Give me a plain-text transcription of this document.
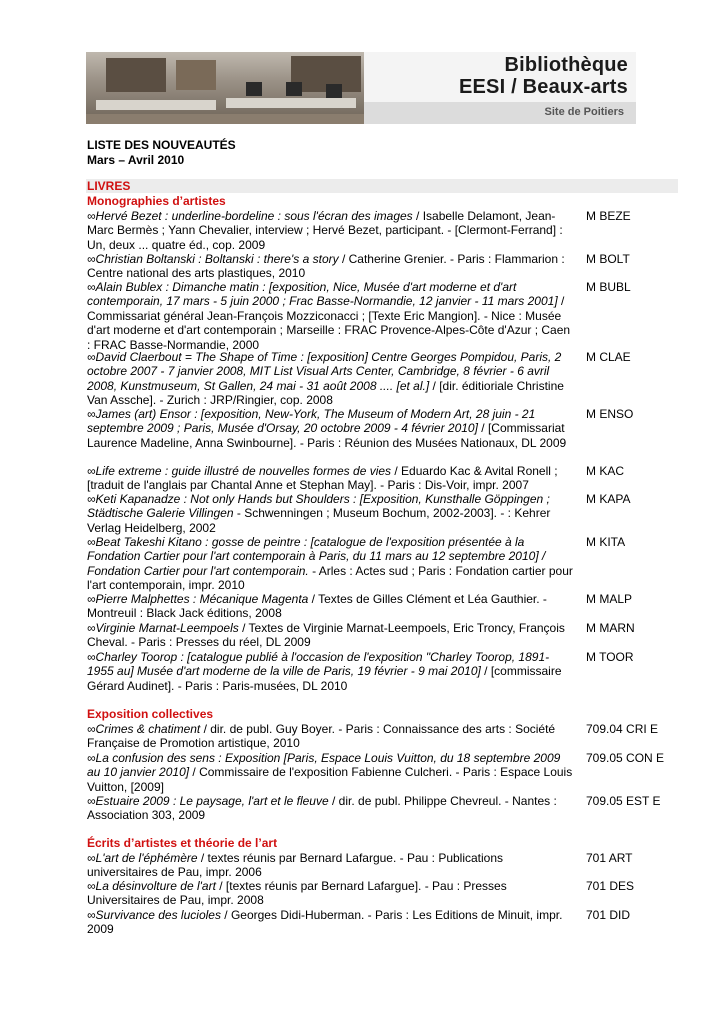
Bibliothèque
EESI / Beaux-arts
Site de Poitiers
LISTE DES NOUVEAUTÉS
Mars – Avril 2010
LIVRES
Monographies d’artistes
Exposition collectives
Écrits d’artistes et théorie de l’art
∞Hervé Bezet : underline-bordeline : sous l'écran des images / Isabelle Delamont, Jean-Marc Bermès ; Yann Chevalier, interview ; Hervé Bezet, participant. - [Clermont-Ferrand] : Un, deux ... quatre éd., cop. 2009
M BEZE
∞Christian Boltanski : Boltanski : there's a story / Catherine Grenier. - Paris : Flammarion : Centre national des arts plastiques, 2010
M BOLT
∞Alain Bublex : Dimanche matin : [exposition, Nice, Musée d'art moderne et d'art contemporain, 17 mars - 5 juin 2000 ; Frac Basse-Normandie, 12 janvier - 11 mars 2001] / Commissariat général Jean-François Mozziconacci ; [Texte Eric Mangion]. - Nice : Musée d'art moderne et d'art contemporain ; Marseille : FRAC Provence-Alpes-Côte d'Azur ; Caen : FRAC Basse-Normandie, 2000
M BUBL
∞David Claerbout = The Shape of Time : [exposition] Centre Georges Pompidou, Paris, 2 octobre 2007 - 7 janvier 2008, MIT List Visual Arts Center, Cambridge, 8 février - 6 avril 2008, Kunstmuseum, St Gallen, 24 mai - 31 août 2008 .... [et al.] / [dir. éditioriale Christine Van Assche]. - Zurich : JRP/Ringier, cop. 2008
M CLAE
∞James (art) Ensor : [exposition, New-York, The Museum of Modern Art, 28 juin - 21 septembre 2009 ; Paris, Musée d'Orsay, 20 octobre 2009 - 4 février 2010] / [Commissariat Laurence Madeline, Anna Swinbourne]. - Paris : Réunion des Musées Nationaux, DL 2009
M ENSO
∞Life extreme : guide illustré de nouvelles formes de vies / Eduardo Kac & Avital Ronell ; [traduit de l'anglais par Chantal Anne et Stephan May]. - Paris : Dis-Voir, impr. 2007
M KAC
∞Keti Kapanadze : Not only Hands but Shoulders : [Exposition, Kunsthalle Göppingen ; Städtische Galerie Villingen - Schwenningen ; Museum Bochum, 2002-2003]. - : Kehrer Verlag Heidelberg, 2002
M KAPA
∞Beat Takeshi Kitano : gosse de peintre : [catalogue de l'exposition présentée à la Fondation Cartier pour l'art contemporain à Paris, du 11 mars au 12 septembre 2010] / Fondation Cartier pour l'art contemporain. - Arles : Actes sud ; Paris : Fondation cartier pour l'art contemporain, impr. 2010
M KITA
∞Pierre Malphettes : Mécanique Magenta / Textes de Gilles Clément et Léa Gauthier. - Montreuil : Black Jack éditions, 2008
M MALP
∞Virginie Marnat-Leempoels / Textes de Virginie Marnat-Leempoels, Eric Troncy, François Cheval. - Paris : Presses du réel, DL 2009
M MARN
∞Charley Toorop : [catalogue publié à l'occasion de l'exposition "Charley Toorop, 1891-1955 au] Musée d'art moderne de la ville de Paris, 19 février - 9 mai 2010] / [commissaire Gérard Audinet]. - Paris : Paris-musées, DL 2010
M TOOR
∞Crimes & chatiment / dir. de publ. Guy Boyer. - Paris : Connaissance des arts : Société Française de Promotion artistique, 2010
709.04 CRI E
∞La confusion des sens : Exposition [Paris, Espace Louis Vuitton, du 18 septembre 2009 au 10 janvier 2010] / Commissaire de l'exposition Fabienne Culcheri. - Paris : Espace Louis Vuitton, [2009]
709.05 CON E
∞Estuaire 2009 : Le paysage, l'art et le fleuve / dir. de publ. Philippe Chevreul. - Nantes : Association 303, 2009
709.05 EST E
∞L'art de l'éphémère / textes réunis par Bernard Lafargue. - Pau : Publications universitaires de Pau, impr. 2006
701 ART
∞La désinvolture de l'art / [textes réunis par Bernard Lafargue]. - Pau : Presses Universitaires de Pau, impr. 2008
701 DES
∞Survivance des lucioles / Georges Didi-Huberman. - Paris : Les Editions de Minuit, impr. 2009
701 DID
